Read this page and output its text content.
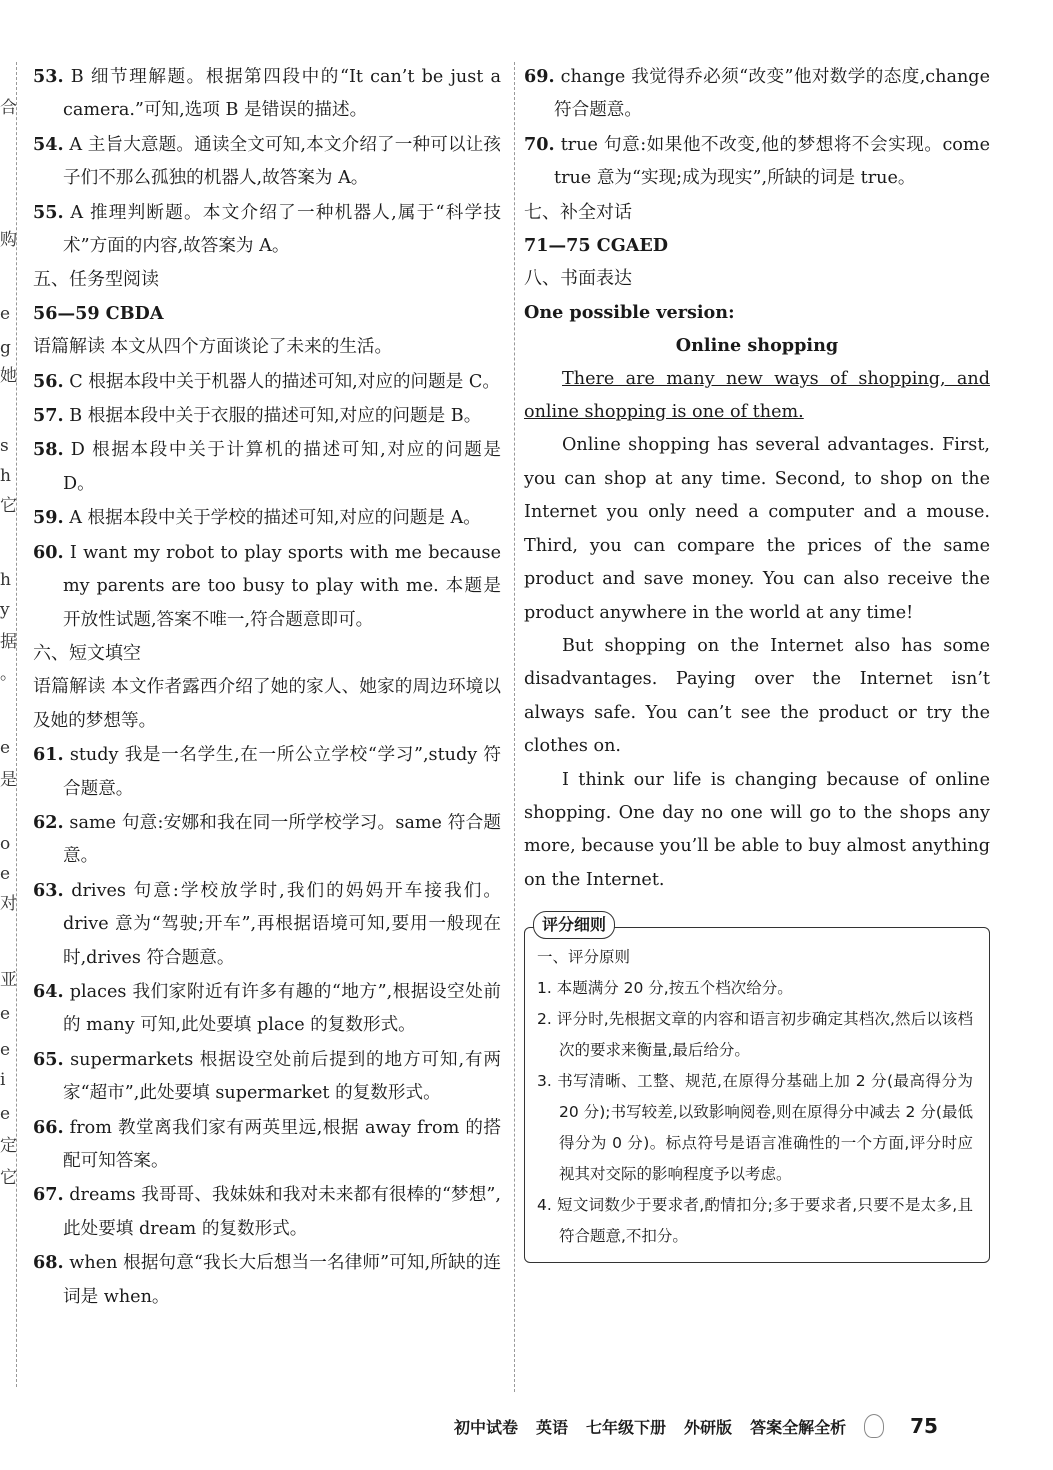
合
购
e
g
她
s
h
它
h
y
据
。
e
是
o
e
对
亚
e
e
i
e
定
它

53. B 细节理解题。根据第四段中的“It can’t be just a camera.”可知,选项 B 是错误的描述。

54. A 主旨大意题。通读全文可知,本文介绍了一种可以让孩子们不那么孤独的机器人,故答案为 A。

55. A 推理判断题。本文介绍了一种机器人,属于“科学技术”方面的内容,故答案为 A。

五、任务型阅读

56—59 CBDA

语篇解读 本文从四个方面谈论了未来的生活。

56. C 根据本段中关于机器人的描述可知,对应的问题是 C。

57. B 根据本段中关于衣服的描述可知,对应的问题是 B。

58. D 根据本段中关于计算机的描述可知,对应的问题是 D。

59. A 根据本段中关于学校的描述可知,对应的问题是 A。

60. I want my robot to play sports with me because my parents are too busy to play with me. 本题是开放性试题,答案不唯一,符合题意即可。

六、短文填空

语篇解读 本文作者露西介绍了她的家人、她家的周边环境以及她的梦想等。

61. study 我是一名学生,在一所公立学校“学习”,study 符合题意。

62. same 句意:安娜和我在同一所学校学习。same 符合题意。

63. drives 句意:学校放学时,我们的妈妈开车接我们。drive 意为“驾驶;开车”,再根据语境可知,要用一般现在时,drives 符合题意。

64. places 我们家附近有许多有趣的“地方”,根据设空处前的 many 可知,此处要填 place 的复数形式。

65. supermarkets 根据设空处前后提到的地方可知,有两家“超市”,此处要填 supermarket 的复数形式。

66. from 教堂离我们家有两英里远,根据 away from 的搭配可知答案。

67. dreams 我哥哥、我妹妹和我对未来都有很棒的“梦想”,此处要填 dream 的复数形式。

68. when 根据句意“我长大后想当一名律师”可知,所缺的连词是 when。

69. change 我觉得乔必须“改变”他对数学的态度,change 符合题意。

70. true 句意:如果他不改变,他的梦想将不会实现。come true 意为“实现;成为现实”,所缺的词是 true。

七、补全对话

71—75 CGAED

八、书面表达

One possible version:

Online shopping

There are many new ways of shopping, and online shopping is one of them.

Online shopping has several advantages. First, you can shop at any time. Second, to shop on the Internet you only need a computer and a mouse. Third, you can compare the prices of the same product and save money. You can also receive the product anywhere in the world at any time!

But shopping on the Internet also has some disadvantages. Paying over the Internet isn’t always safe. You can’t see the product or try the clothes on.

I think our life is changing because of online shopping. One day no one will go to the shops any more, because you’ll be able to buy almost anything on the Internet.

评分细则

一、评分原则

1. 本题满分 20 分,按五个档次给分。

2. 评分时,先根据文章的内容和语言初步确定其档次,然后以该档次的要求来衡量,最后给分。

3. 书写清晰、工整、规范,在原得分基础上加 2 分(最高得分为 20 分);书写较差,以致影响阅卷,则在原得分中减去 2 分(最低得分为 0 分)。标点符号是语言准确性的一个方面,评分时应视其对交际的影响程度予以考虑。

4. 短文词数少于要求者,酌情扣分;多于要求者,只要不是太多,且符合题意,不扣分。

初中试卷 英语 七年级下册 外研版 答案全解全析	75
